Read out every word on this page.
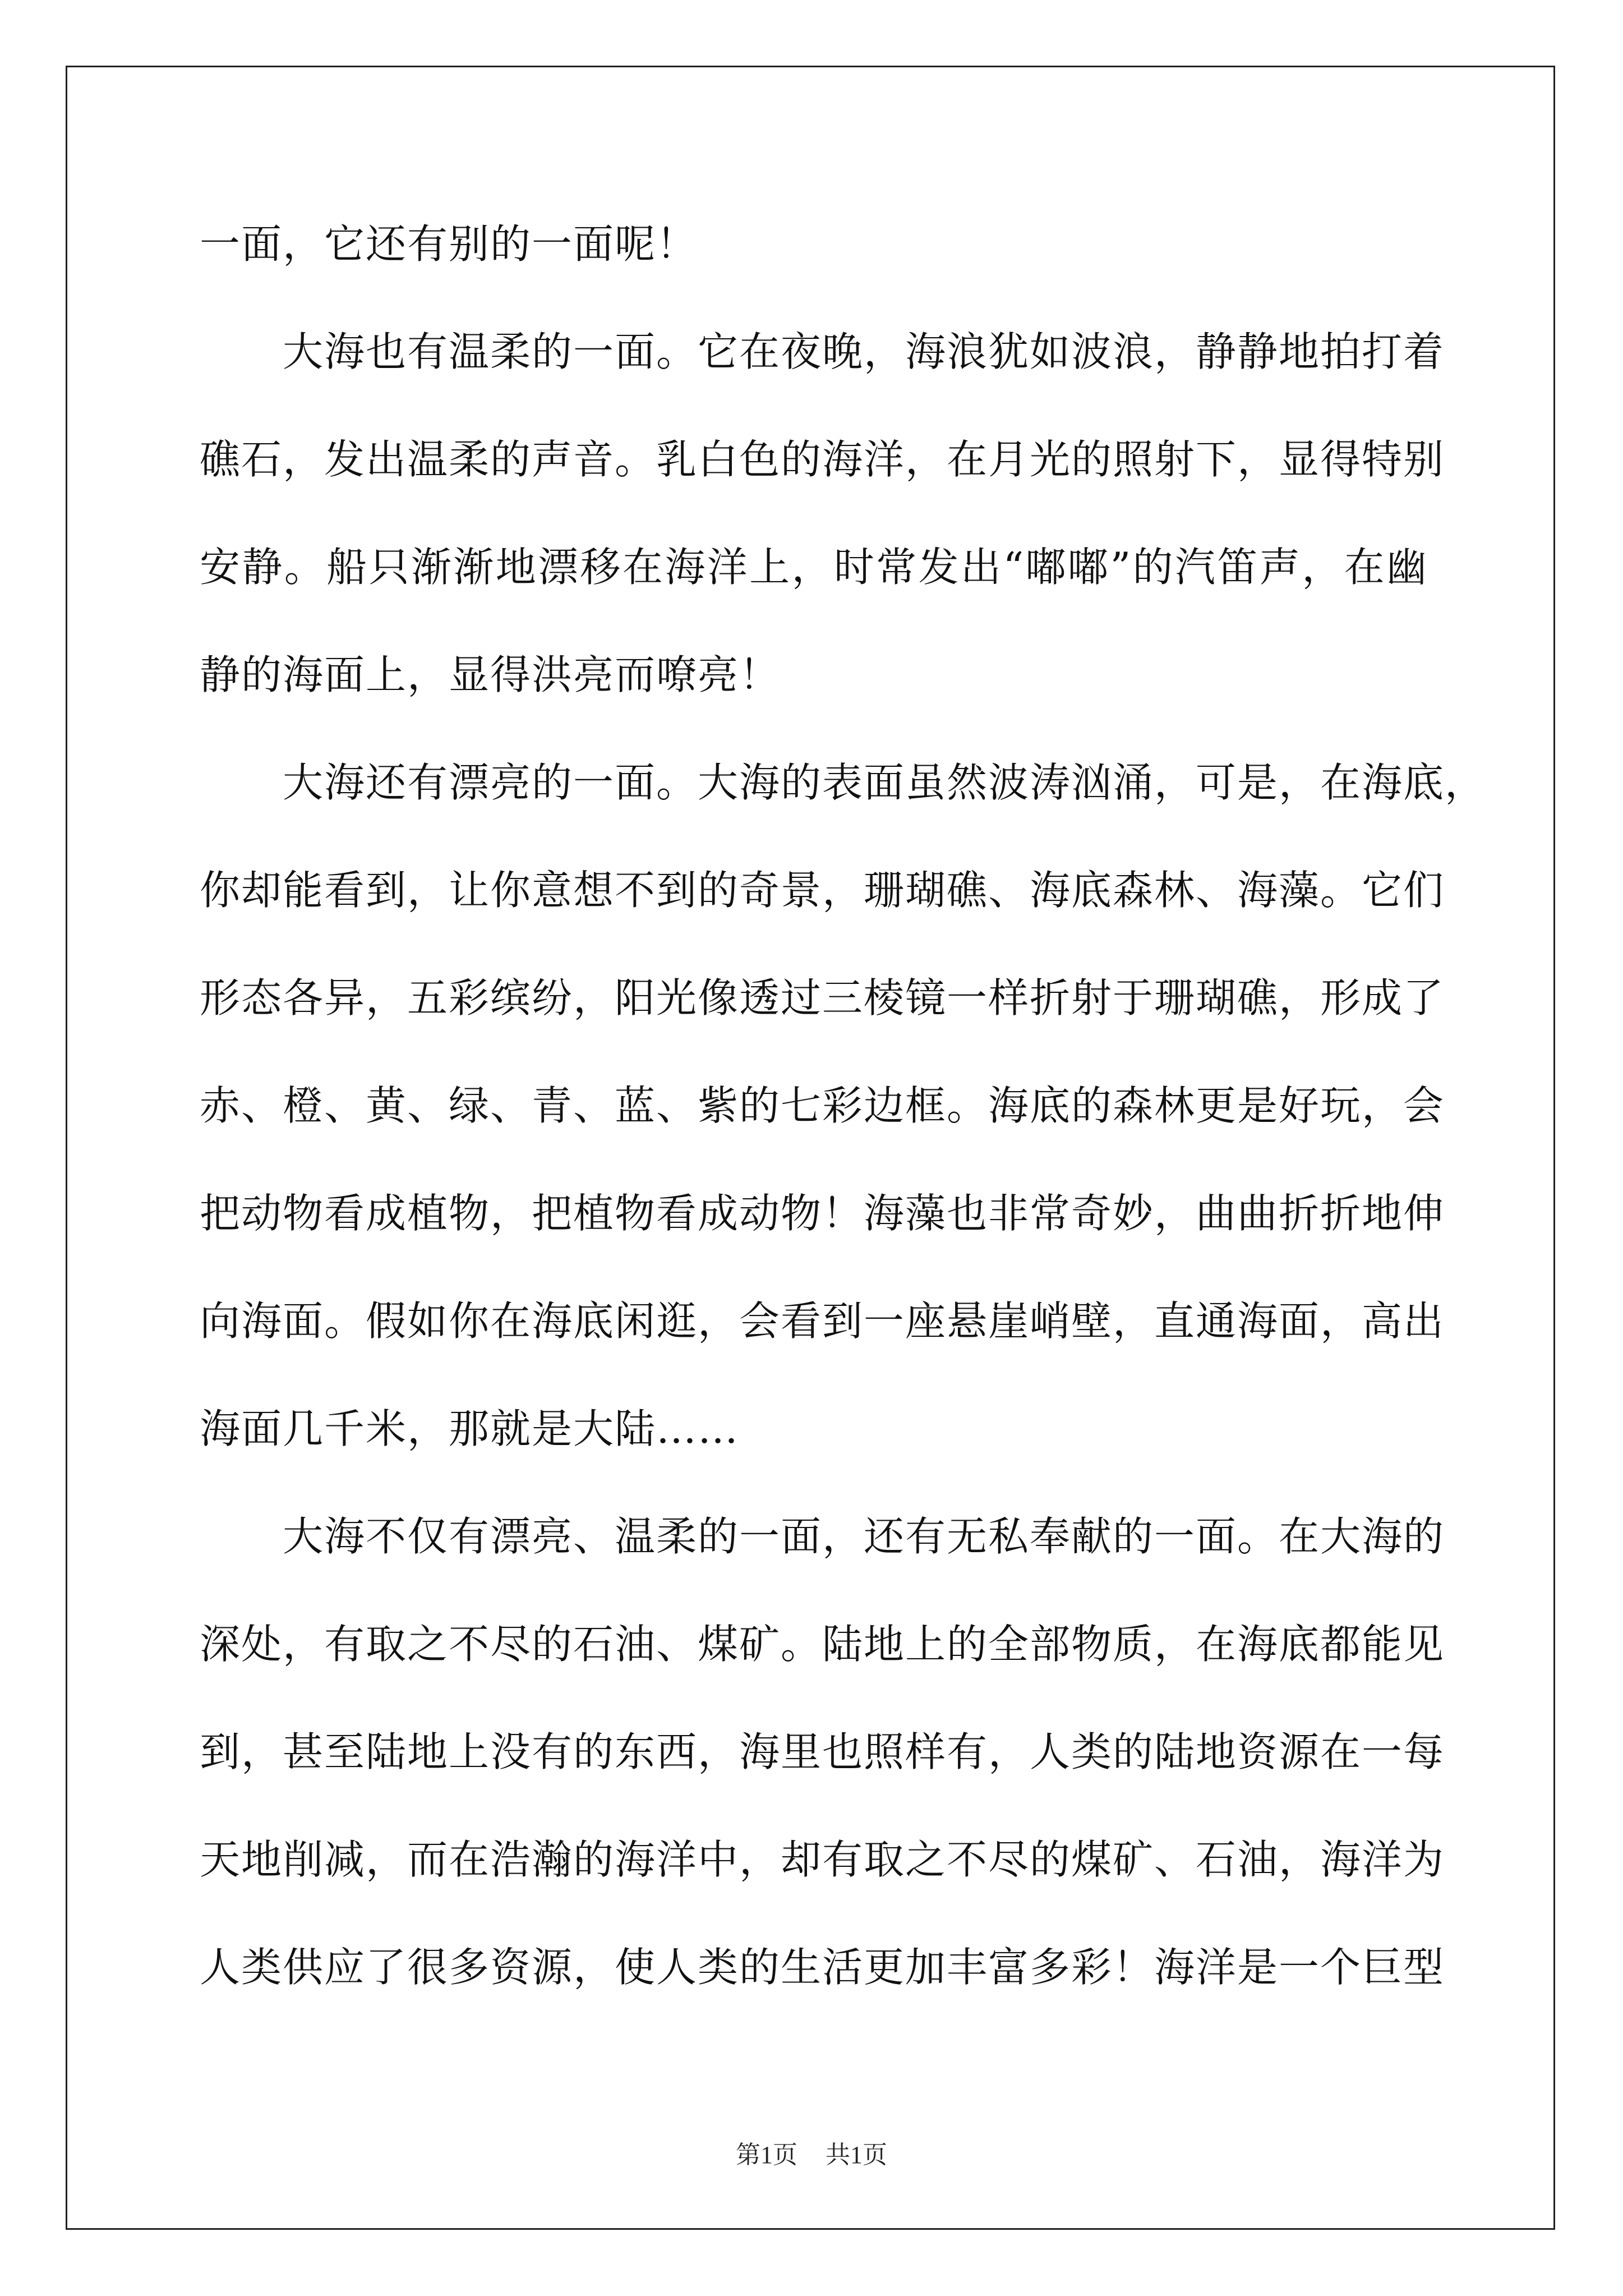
一面，它还有别的一面呢！
大海也有温柔的一面。它在夜晚，海浪犹如波浪，静静地拍打着
礁石，发出温柔的声音。乳白色的海洋，在月光的照射下，显得特别
安静。船只渐渐地漂移在海洋上，时常发出“嘟嘟”的汽笛声，在幽
静的海面上，显得洪亮而嘹亮！
大海还有漂亮的一面。大海的表面虽然波涛汹涌，可是，在海底，
你却能看到，让你意想不到的奇景，珊瑚礁、海底森林、海藻。它们
形态各异，五彩缤纷，阳光像透过三棱镜一样折射于珊瑚礁，形成了
赤、橙、黄、绿、青、蓝、紫的七彩边框。海底的森林更是好玩，会
把动物看成植物，把植物看成动物！海藻也非常奇妙，曲曲折折地伸
向海面。假如你在海底闲逛，会看到一座悬崖峭壁，直通海面，高出
海面几千米，那就是大陆……
大海不仅有漂亮、温柔的一面，还有无私奉献的一面。在大海的
深处，有取之不尽的石油、煤矿。陆地上的全部物质，在海底都能见
到，甚至陆地上没有的东西，海里也照样有，人类的陆地资源在一每
天地削减，而在浩瀚的海洋中，却有取之不尽的煤矿、石油，海洋为
人类供应了很多资源，使人类的生活更加丰富多彩！海洋是一个巨型
第1页 共1页
